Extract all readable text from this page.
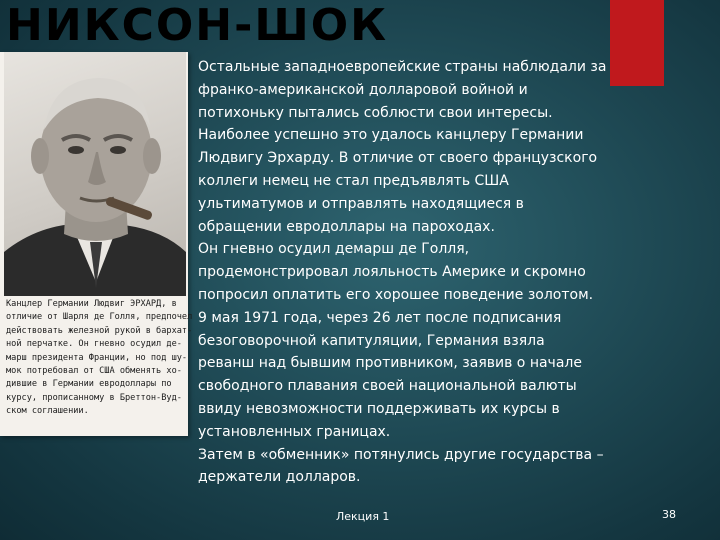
НИКСОН-ШОК
Канцлер Германии Людвиг ЭРХАРД, в
отличие от Шарля де Голля, предпочел
действовать железной рукой в бархат-
ной перчатке. Он гневно осудил де-
марш президента Франции, но под шу-
мок потребовал от США обменять хо-
дившие в Германии евродоллары по
курсу, прописанному в Бреттон-Вуд-
ском соглашении.

Остальные западноевропейские страны наблюдали за
франко-американской долларовой войной и
потихоньку пытались соблюсти свои интересы.

Наиболее успешно это удалось канцлеру Германии
Людвигу Эрхарду. В отличие от своего французского
коллеги немец не стал предъявлять США
ультиматумов и отправлять находящиеся в
обращении евродоллары на пароходах.

Он гневно осудил демарш де Голля,
продемонстрировал лояльность Америке и скромно
попросил оплатить его хорошее поведение золотом.

9 мая 1971 года, через 26 лет после подписания
безоговорочной капитуляции, Германия взяла
реванш над бывшим противником, заявив о начале
свободного плавания своей национальной валюты
ввиду невозможности поддерживать их курсы в
установленных границах.

Затем в «обменник» потянулись другие государства –
держатели долларов.

Лекция 1	38
